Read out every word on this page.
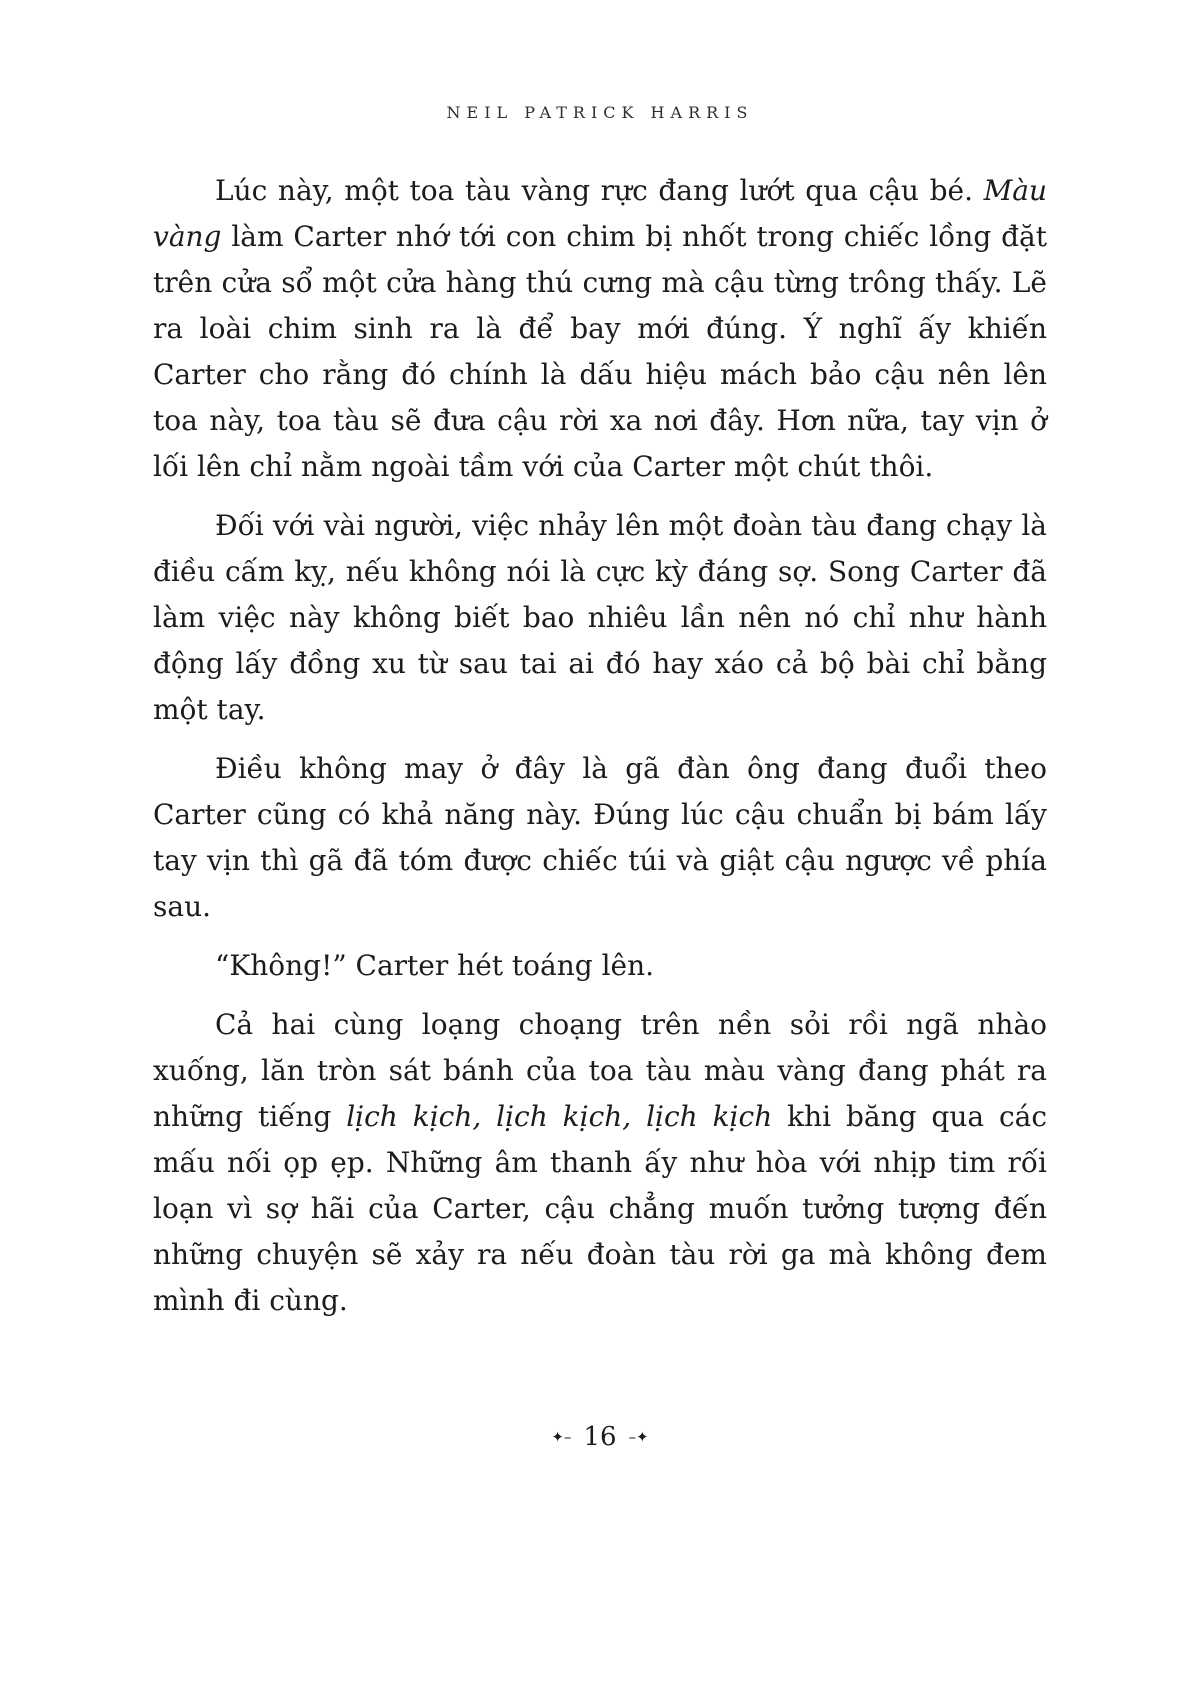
NEIL PATRICK HARRIS

Lúc này, một toa tàu vàng rực đang lướt qua cậu bé. Màu vàng làm Carter nhớ tới con chim bị nhốt trong chiếc lồng đặt trên cửa sổ một cửa hàng thú cưng mà cậu từng trông thấy. Lẽ ra loài chim sinh ra là để bay mới đúng. Ý nghĩ ấy khiến Carter cho rằng đó chính là dấu hiệu mách bảo cậu nên lên toa này, toa tàu sẽ đưa cậu rời xa nơi đây. Hơn nữa, tay vịn ở lối lên chỉ nằm ngoài tầm với của Carter một chút thôi.

Đối với vài người, việc nhảy lên một đoàn tàu đang chạy là điều cấm kỵ, nếu không nói là cực kỳ đáng sợ. Song Carter đã làm việc này không biết bao nhiêu lần nên nó chỉ như hành động lấy đồng xu từ sau tai ai đó hay xáo cả bộ bài chỉ bằng một tay.

Điều không may ở đây là gã đàn ông đang đuổi theo Carter cũng có khả năng này. Đúng lúc cậu chuẩn bị bám lấy tay vịn thì gã đã tóm được chiếc túi và giật cậu ngược về phía sau.

“Không!” Carter hét toáng lên.

Cả hai cùng loạng choạng trên nền sỏi rồi ngã nhào xuống, lăn tròn sát bánh của toa tàu màu vàng đang phát ra những tiếng lịch kịch, lịch kịch, lịch kịch khi băng qua các mấu nối ọp ẹp. Những âm thanh ấy như hòa với nhịp tim rối loạn vì sợ hãi của Carter, cậu chẳng muốn tưởng tượng đến những chuyện sẽ xảy ra nếu đoàn tàu rời ga mà không đem mình đi cùng.

✦– 16 –✦
